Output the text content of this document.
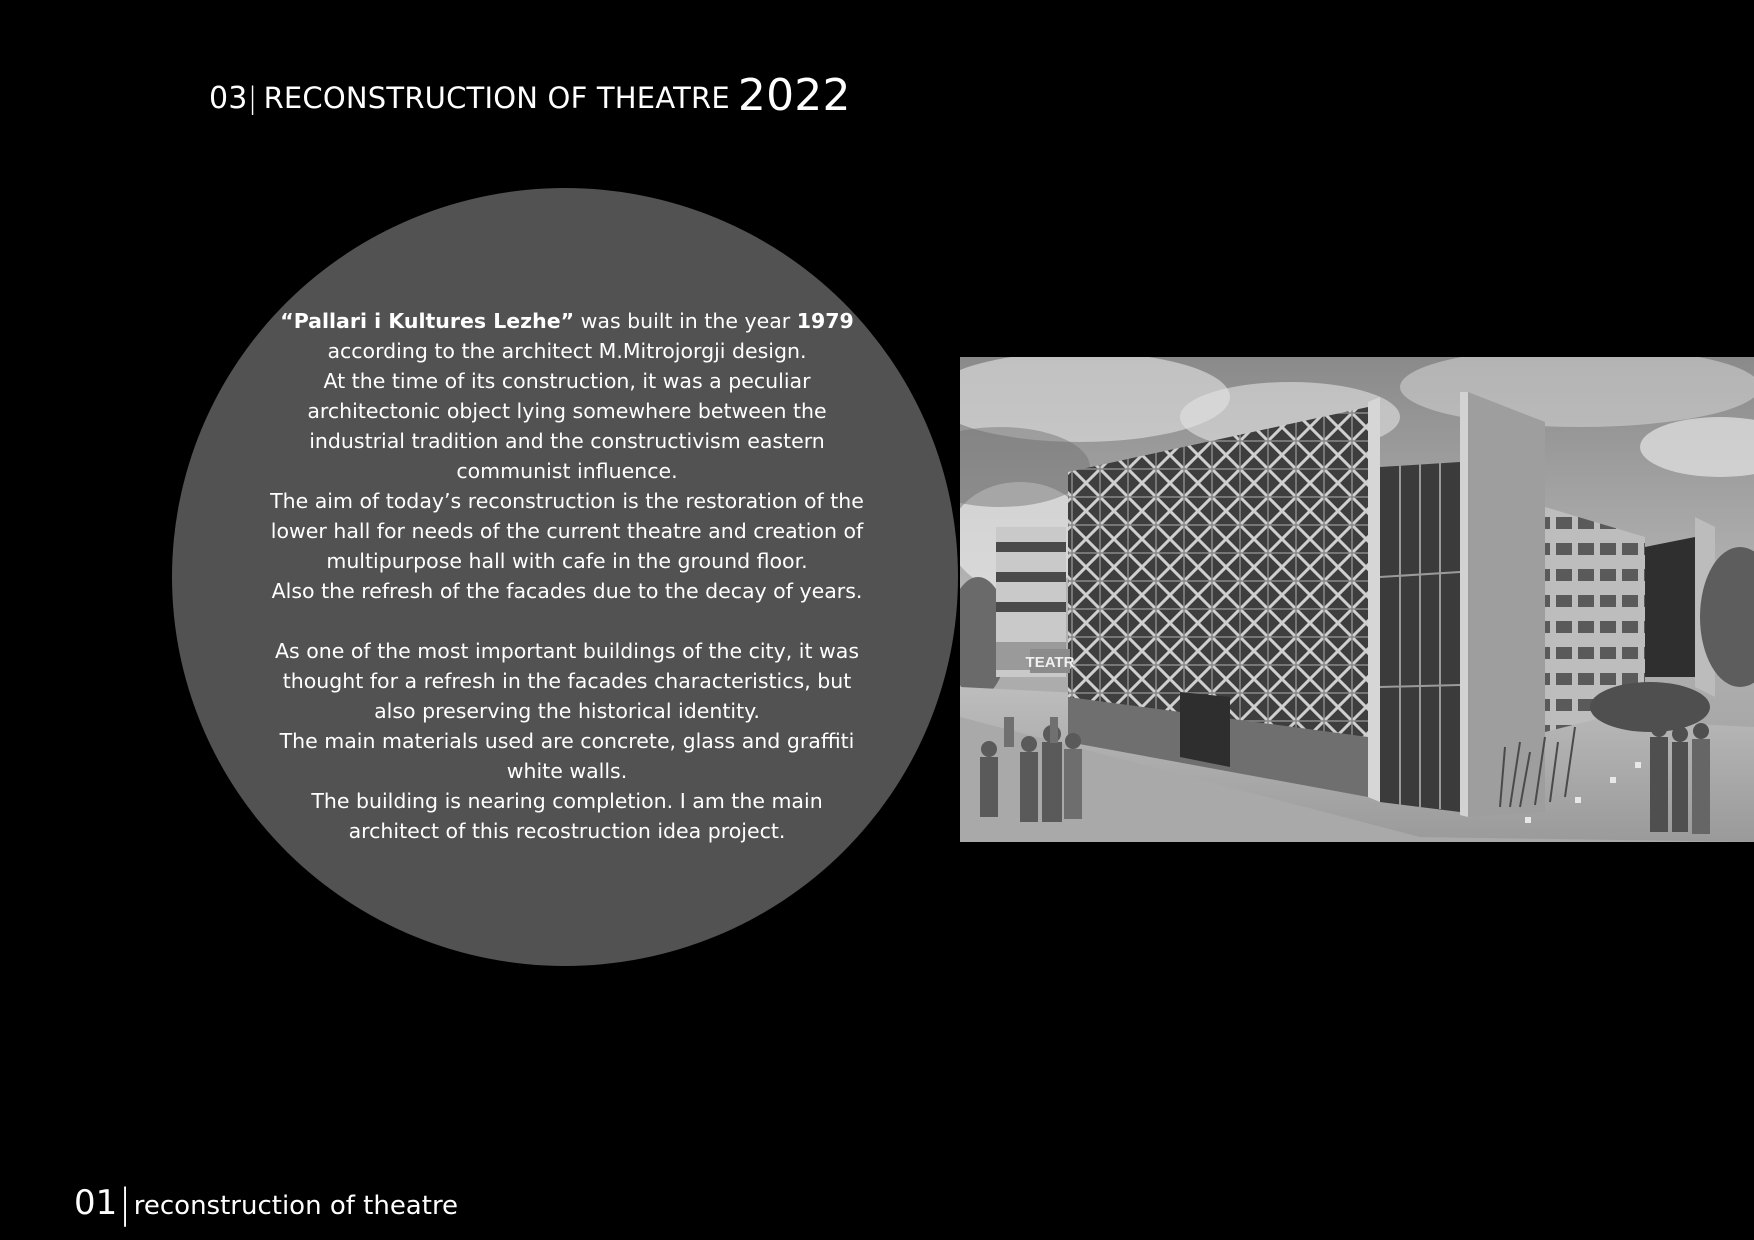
03| RECONSTRUCTION OF THEATRE 2022

“Pallari i Kultures Lezhe” was built in the year 1979

according to the architect M.Mitrojorgji design.

At the time of its construction, it was a peculiar

architectonic object lying somewhere between the

industrial tradition and the constructivism eastern

communist influence.

The aim of today’s reconstruction is the restoration of the

lower hall for needs of the current theatre and creation of

multipurpose hall with cafe in the ground floor.

Also the refresh of the facades due to the decay of years.

As one of the most important buildings of the city, it was

thought for a refresh in the facades characteristics, but

also preserving the historical identity.

The main materials used are concrete, glass and graffiti

white walls.

The building is nearing completion. I am the main

architect of this recostruction idea project.

TEATR
01|reconstruction of theatre
